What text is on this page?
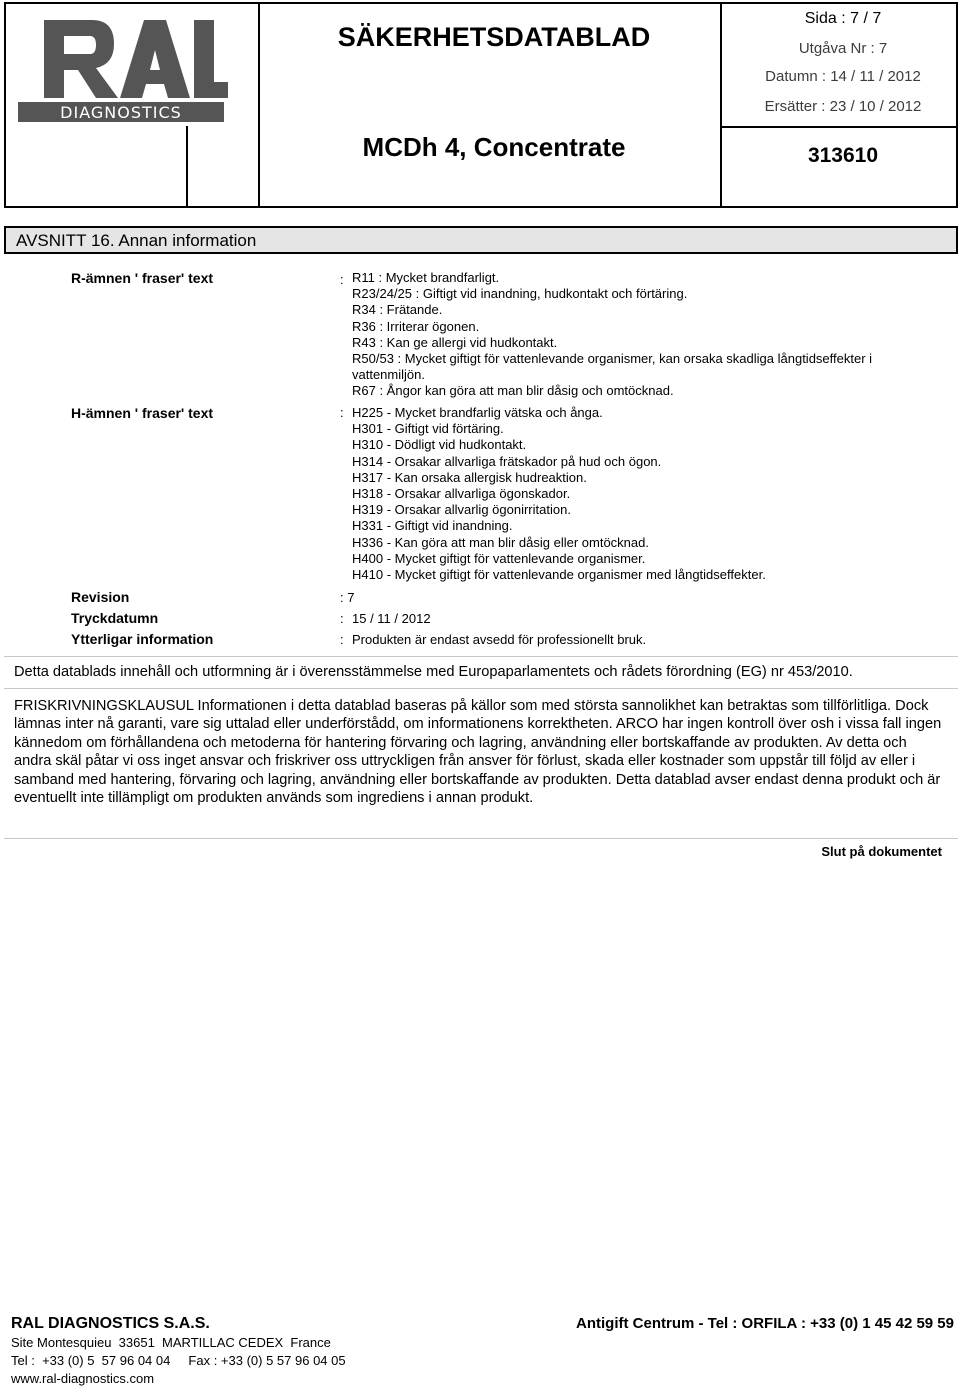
DIAGNOSTICS
SÄKERHETSDATABLAD
MCDh 4, Concentrate
Sida : 7 / 7
Utgåva Nr : 7
Datumn : 14 / 11 / 2012
Ersätter : 23 / 10 / 2012
313610
AVSNITT 16. Annan information
R-ämnen ' fraser' text	: R11 : Mycket brandfarligt.
R23/24/25 : Giftigt vid inandning, hudkontakt och förtäring.
R34 : Frätande.
R36 : Irriterar ögonen.
R43 : Kan ge allergi vid hudkontakt.
R50/53 : Mycket giftigt för vattenlevande organismer, kan orsaka skadliga långtidseffekter i
vattenmiljön.
R67 : Ångor kan göra att man blir dåsig och omtöcknad.
H-ämnen ' fraser' text	: H225 - Mycket brandfarlig vätska och ånga.
H301 - Giftigt vid förtäring.
H310 - Dödligt vid hudkontakt.
H314 - Orsakar allvarliga frätskador på hud och ögon.
H317 - Kan orsaka allergisk hudreaktion.
H318 - Orsakar allvarliga ögonskador.
H319 - Orsakar allvarlig ögonirritation.
H331 - Giftigt vid inandning.
H336 - Kan göra att man blir dåsig eller omtöcknad.
H400 - Mycket giftigt för vattenlevande organismer.
H410 - Mycket giftigt för vattenlevande organismer med långtidseffekter.
Revision	: 7
Tryckdatumn	: 15 / 11 / 2012
Ytterligar information	: Produkten är endast avsedd för professionellt bruk.
Detta datablads innehåll och utformning är i överensstämmelse med Europaparlamentets och rådets förordning (EG) nr 453/2010.
FRISKRIVNINGSKLAUSUL Informationen i detta datablad baseras på källor som med största sannolikhet kan betraktas som tillförlitliga. Dock lämnas inter nå garanti, vare sig uttalad eller underförstådd, om informationens korrektheten. ARCO har ingen kontroll över osh i vissa fall ingen kännedom om förhållandena och metoderna för hantering förvaring och lagring, användning eller bortskaffande av produkten. Av detta och andra skäl påtar vi oss inget ansvar och friskriver oss uttryckligen från ansver för förlust, skada eller kostnader som uppstår till följd av eller i samband med hantering, förvaring och lagring, användning eller bortskaffande av produkten. Detta datablad avser endast denna produkt och är eventuellt inte tillämpligt om produkten används som ingrediens i annan produkt.
Slut på dokumentet
RAL DIAGNOSTICS S.A.S.	Antigift Centrum - Tel : ORFILA : +33 (0) 1 45 42 59 59
Site Montesquieu  33651  MARTILLAC CEDEX  France
Tel :  +33 (0) 5  57 96 04 04     Fax : +33 (0) 5 57 96 04 05
www.ral-diagnostics.com
